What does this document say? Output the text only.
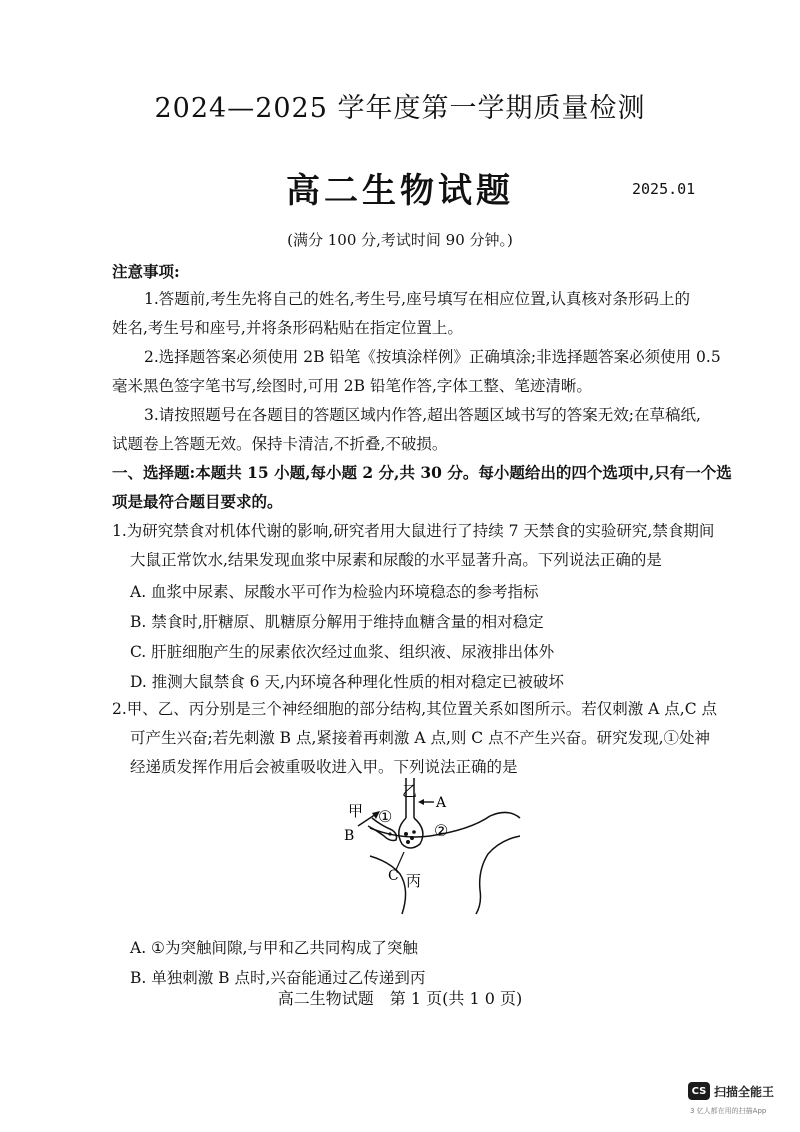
2024—2025 学年度第一学期质量检测
高二生物试题	2025.01
(满分 100 分,考试时间 90 分钟。)
注意事项:
1.答题前,考生先将自己的姓名,考生号,座号填写在相应位置,认真核对条形码上的
姓名,考生号和座号,并将条形码粘贴在指定位置上。
2.选择题答案必须使用 2B 铅笔《按填涂样例》正确填涂;非选择题答案必须使用 0.5
毫米黑色签字笔书写,绘图时,可用 2B 铅笔作答,字体工整、笔迹清晰。
3.请按照题号在各题目的答题区域内作答,超出答题区域书写的答案无效;在草稿纸,
试题卷上答题无效。保持卡清洁,不折叠,不破损。
一、选择题:本题共 15 小题,每小题 2 分,共 30 分。每小题给出的四个选项中,只有一个选
项是最符合题目要求的。
1.为研究禁食对机体代谢的影响,研究者用大鼠进行了持续 7 天禁食的实验研究,禁食期间
大鼠正常饮水,结果发现血浆中尿素和尿酸的水平显著升高。下列说法正确的是
A. 血浆中尿素、尿酸水平可作为检验内环境稳态的参考指标
B. 禁食时,肝糖原、肌糖原分解用于维持血糖含量的相对稳定
C. 肝脏细胞产生的尿素依次经过血浆、组织液、尿液排出体外
D. 推测大鼠禁食 6 天,内环境各种理化性质的相对稳定已被破坏
2.甲、乙、丙分别是三个神经细胞的部分结构,其位置关系如图所示。若仅刺激 A 点,C 点
可产生兴奋;若先刺激 B 点,紧接着再刺激 A 点,则 C 点不产生兴奋。研究发现,①处神
经递质发挥作用后会被重吸收进入甲。下列说法正确的是
甲
B
乙
A
①
②
C 丙
A. ①为突触间隙,与甲和乙共同构成了突触
B. 单独刺激 B 点时,兴奋能通过乙传递到丙
高二生物试题　第 1 页(共 1 0 页)
CS 扫描全能王
3 亿人都在用的扫描App
